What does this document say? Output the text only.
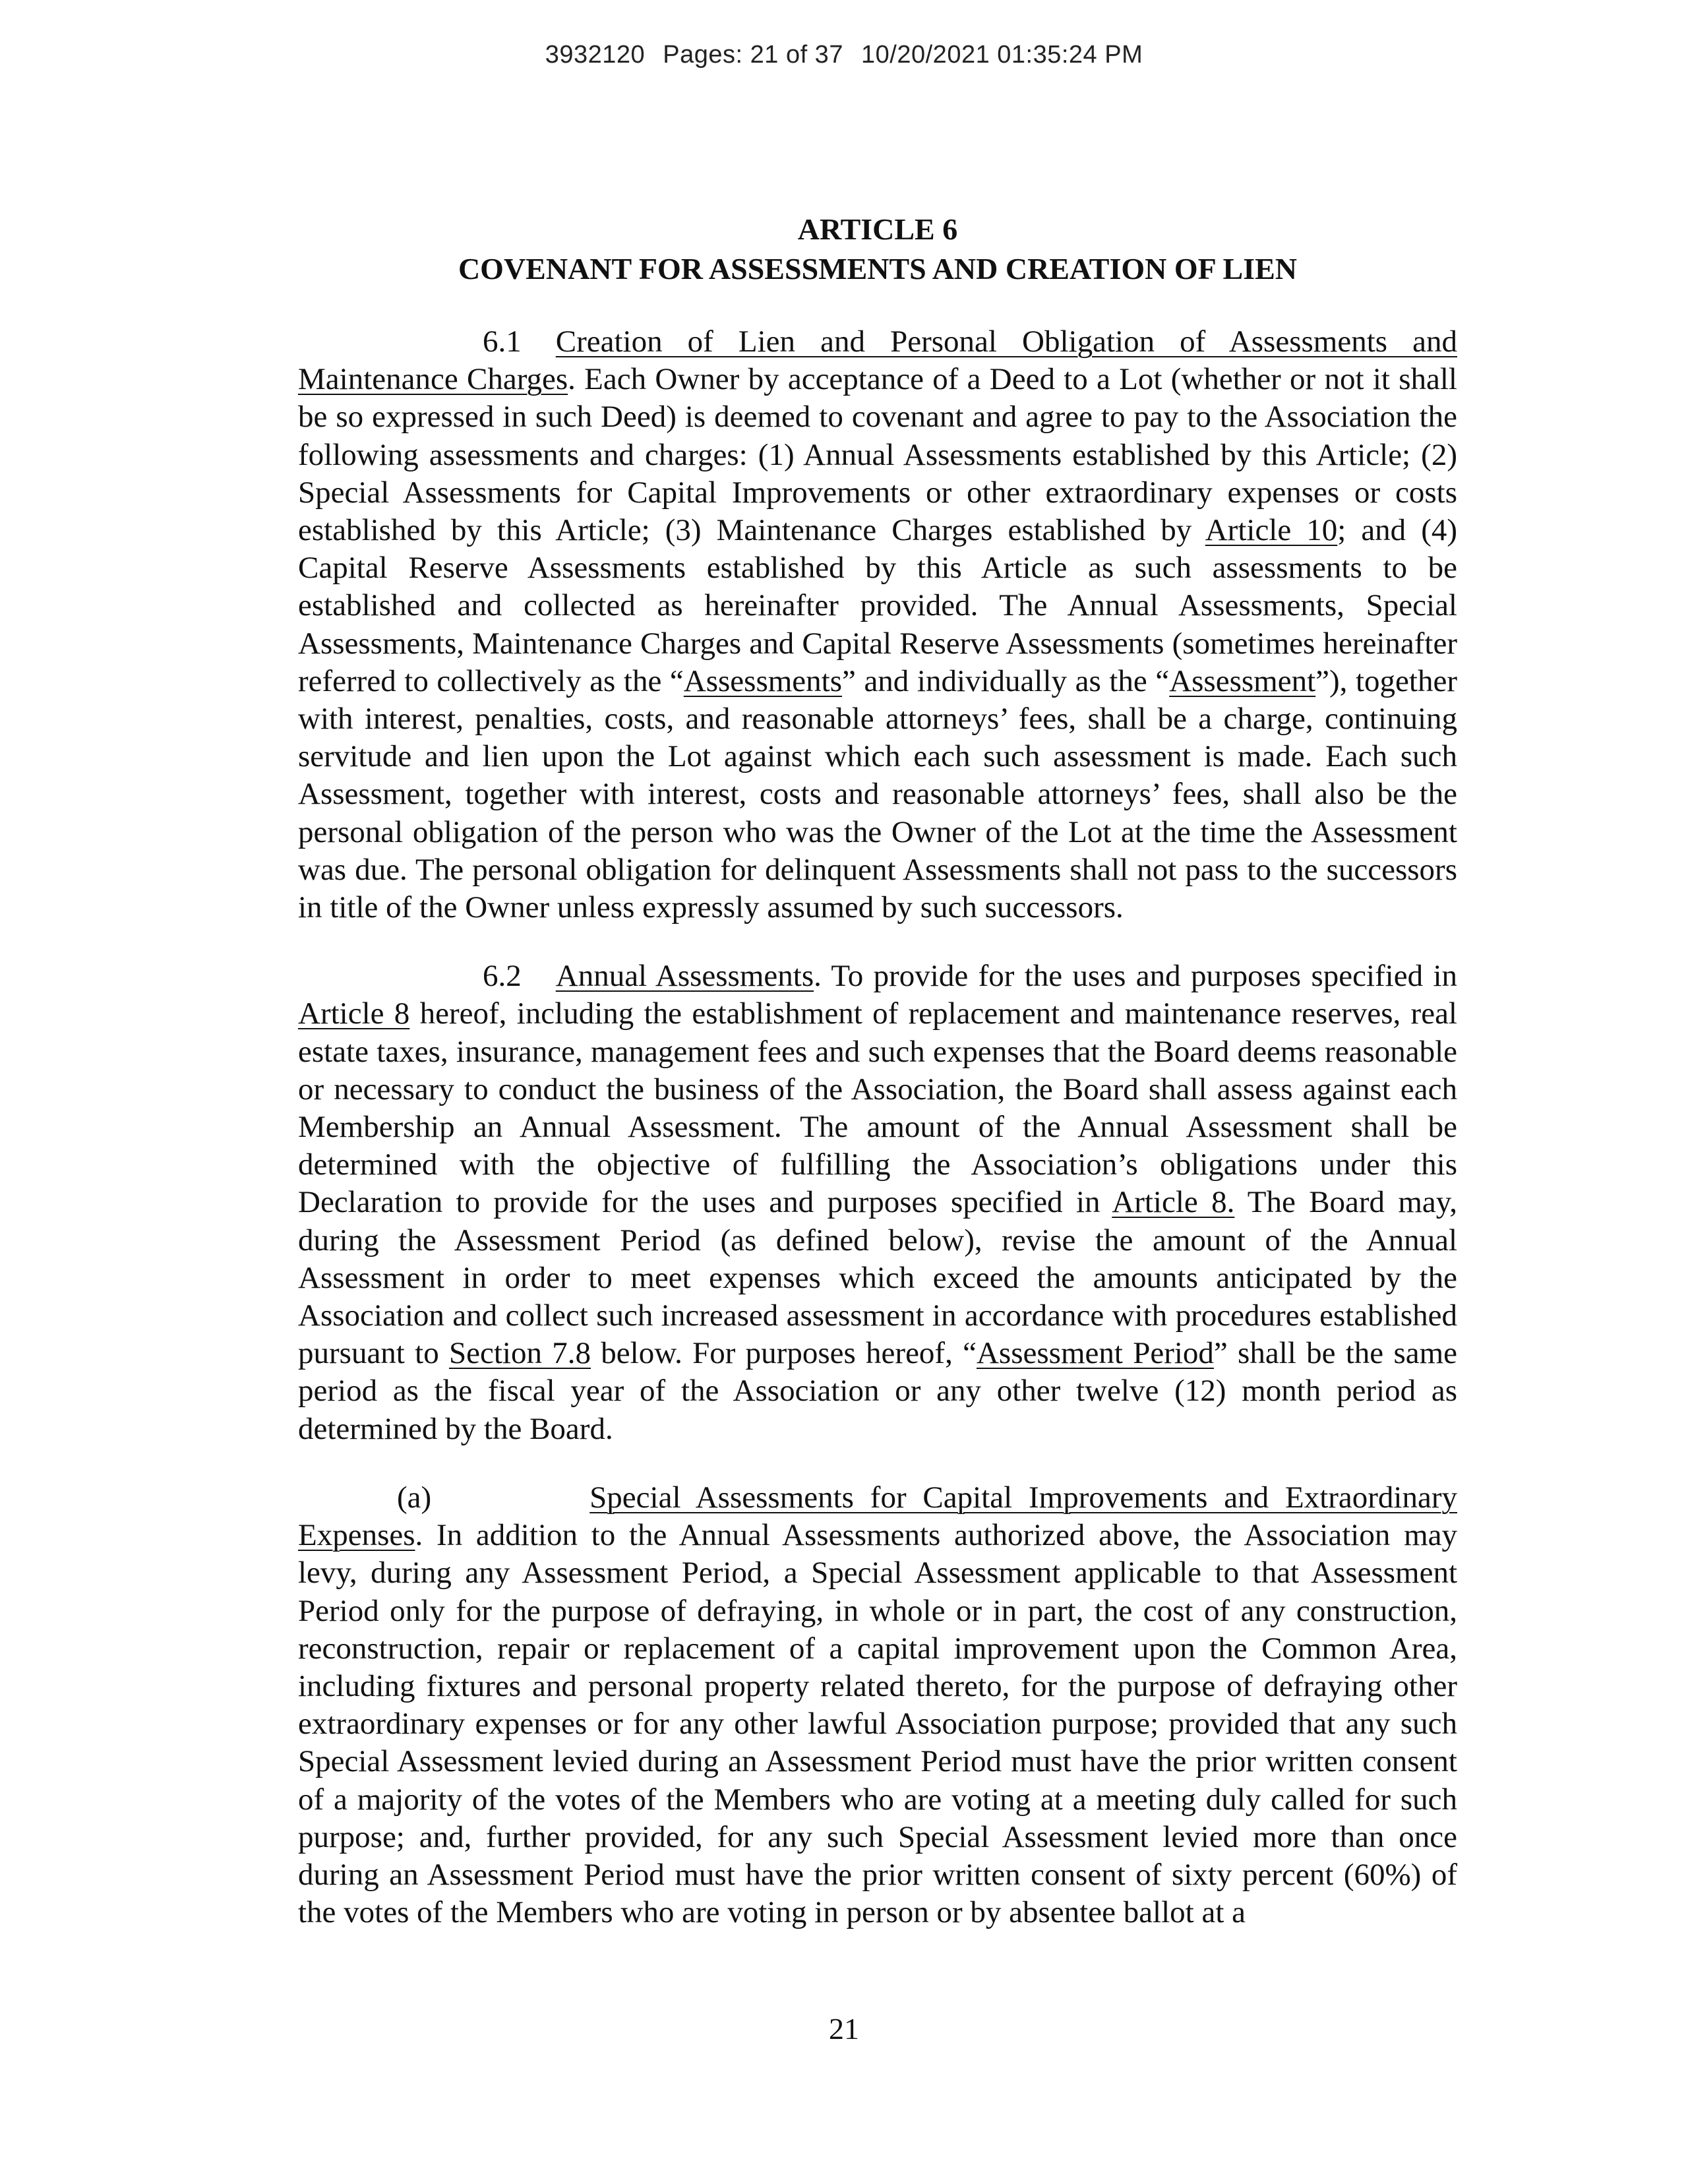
3932120 Pages: 21 of 37 10/20/2021 01:35:24 PM
ARTICLE 6
COVENANT FOR ASSESSMENTS AND CREATION OF LIEN

6.1 Creation of Lien and Personal Obligation of Assessments and Maintenance Charges. Each Owner by acceptance of a Deed to a Lot (whether or not it shall be so expressed in such Deed) is deemed to covenant and agree to pay to the Association the following assessments and charges: (1) Annual Assessments established by this Article; (2) Special Assessments for Capital Improvements or other extraordinary expenses or costs established by this Article; (3) Maintenance Charges established by Article 10; and (4) Capital Reserve Assessments established by this Article as such assessments to be established and collected as hereinafter provided. The Annual Assessments, Special Assessments, Maintenance Charges and Capital Reserve Assessments (sometimes hereinafter referred to collectively as the “Assessments” and individually as the “Assessment”), together with interest, penalties, costs, and reasonable attorneys’ fees, shall be a charge, continuing servitude and lien upon the Lot against which each such assessment is made. Each such Assessment, together with interest, costs and reasonable attorneys’ fees, shall also be the personal obligation of the person who was the Owner of the Lot at the time the Assessment was due. The personal obligation for delinquent Assessments shall not pass to the successors in title of the Owner unless expressly assumed by such successors.

6.2 Annual Assessments. To provide for the uses and purposes specified in Article 8 hereof, including the establishment of replacement and maintenance reserves, real estate taxes, insurance, management fees and such expenses that the Board deems reasonable or necessary to conduct the business of the Association, the Board shall assess against each Membership an Annual Assessment. The amount of the Annual Assessment shall be determined with the objective of fulfilling the Association’s obligations under this Declaration to provide for the uses and purposes specified in Article 8. The Board may, during the Assessment Period (as defined below), revise the amount of the Annual Assessment in order to meet expenses which exceed the amounts anticipated by the Association and collect such increased assessment in accordance with procedures established pursuant to Section 7.8 below. For purposes hereof, “Assessment Period” shall be the same period as the fiscal year of the Association or any other twelve (12) month period as determined by the Board.

(a)	Special Assessments for Capital Improvements and Extraordinary Expenses. In addition to the Annual Assessments authorized above, the Association may levy, during any Assessment Period, a Special Assessment applicable to that Assessment Period only for the purpose of defraying, in whole or in part, the cost of any construction, reconstruction, repair or replacement of a capital improvement upon the Common Area, including fixtures and personal property related thereto, for the purpose of defraying other extraordinary expenses or for any other lawful Association purpose; provided that any such Special Assessment levied during an Assessment Period must have the prior written consent of a majority of the votes of the Members who are voting at a meeting duly called for such purpose; and, further provided, for any such Special Assessment levied more than once during an Assessment Period must have the prior written consent of sixty percent (60%) of the votes of the Members who are voting in person or by absentee ballot at a

21
